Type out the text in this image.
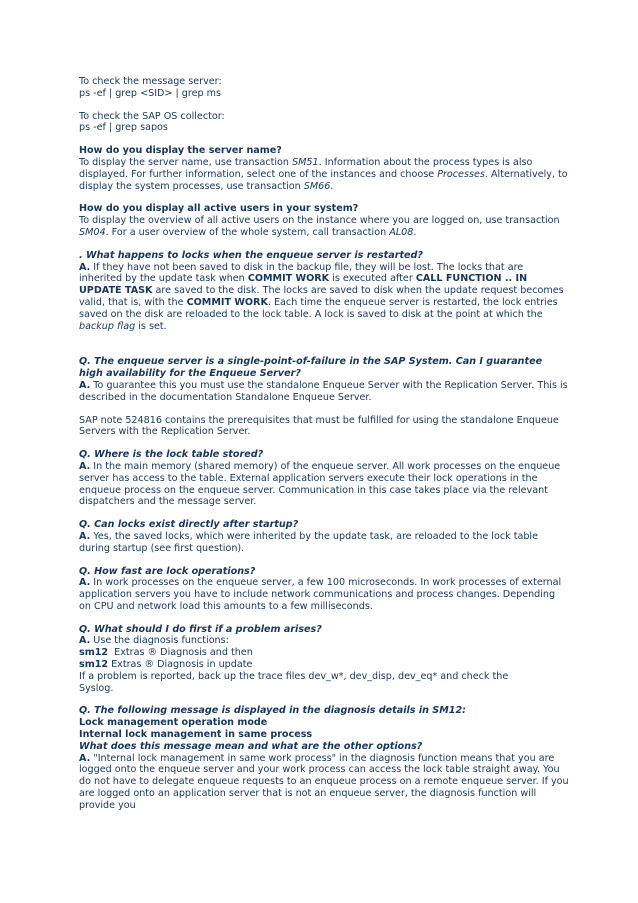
To check the message server:

ps -ef | grep <SID> | grep ms

To check the SAP OS collector:

ps -ef | grep sapos

How do you display the server name?

To display the server name, use transaction SM51. Information about the process types is also displayed. For further information, select one of the instances and choose Processes. Alternatively, to display the system processes, use transaction SM66.

How do you display all active users in your system?

To display the overview of all active users on the instance where you are logged on, use transaction SM04. For a user overview of the whole system, call transaction AL08.

. What happens to locks when the enqueue server is restarted?

A. If they have not been saved to disk in the backup file, they will be lost. The locks that are inherited by the update task when COMMIT WORK is executed after CALL FUNCTION .. IN UPDATE TASK are saved to the disk. The locks are saved to disk when the update request becomes valid, that is, with the COMMIT WORK. Each time the enqueue server is restarted, the lock entries saved on the disk are reloaded to the lock table. A lock is saved to disk at the point at which the backup flag is set.

Q. The enqueue server is a single-point-of-failure in the SAP System. Can I guarantee high availability for the Enqueue Server?

A. To guarantee this you must use the standalone Enqueue Server with the Replication Server. This is described in the documentation Standalone Enqueue Server.

SAP note 524816 contains the prerequisites that must be fulfilled for using the standalone Enqueue Servers with the Replication Server.

Q. Where is the lock table stored?

A. In the main memory (shared memory) of the enqueue server. All work processes on the enqueue server has access to the table. External application servers execute their lock operations in the enqueue process on the enqueue server. Communication in this case takes place via the relevant dispatchers and the message server.

Q. Can locks exist directly after startup?

A. Yes, the saved locks, which were inherited by the update task, are reloaded to the lock table during startup (see first question).

Q. How fast are lock operations?

A. In work processes on the enqueue server, a few 100 microseconds. In work processes of external application servers you have to include network communications and process changes. Depending on CPU and network load this amounts to a few milliseconds.

Q. What should I do first if a problem arises?

A. Use the diagnosis functions:

sm12  Extras ® Diagnosis and then

sm12 Extras ® Diagnosis in update

If a problem is reported, back up the trace files dev_w*, dev_disp, dev_eq* and check the

Syslog.

Q. The following message is displayed in the diagnosis details in SM12:

Lock management operation mode

Internal lock management in same process

What does this message mean and what are the other options?

A. "Internal lock management in same work process" in the diagnosis function means that you are logged onto the enqueue server and your work process can access the lock table straight away. You do not have to delegate enqueue requests to an enqueue process on a remote enqueue server. If you are logged onto an application server that is not an enqueue server, the diagnosis function will provide you
